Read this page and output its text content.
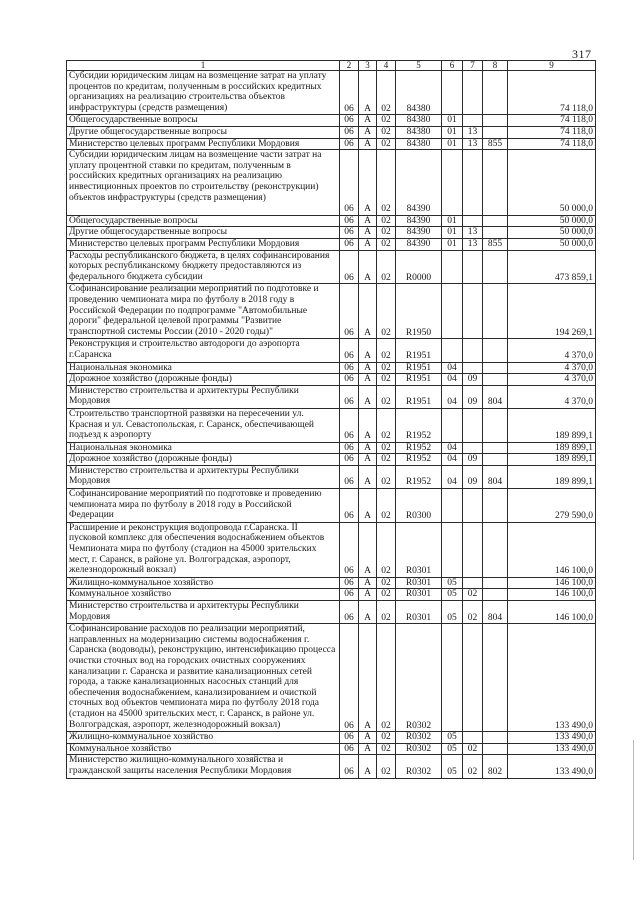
317
1	2	3	4	5	6	7	8	9
Субсидии юридическим лицам на возмещение затрат на уплату процентов по кредитам, полученным в российских кредитных организациях на реализацию строительства объектов инфраструктуры (средств размещения)	06	А	02	84380				74 118,0
Общегосударственные вопросы	06	А	02	84380	01			74 118,0
Другие общегосударственные вопросы	06	А	02	84380	01	13		74 118,0
Министерство целевых программ Республики Мордовия	06	А	02	84380	01	13	855	74 118,0
Субсидии юридическим лицам на возмещение части затрат на уплату процентной ставки по кредитам, полученным в российских кредитных организациях на реализацию инвестиционных проектов по строительству (реконструкции) объектов инфраструктуры (средств размещения)	06	А	02	84390				50 000,0
Общегосударственные вопросы	06	А	02	84390	01			50 000,0
Другие общегосударственные вопросы	06	А	02	84390	01	13		50 000,0
Министерство целевых программ Республики Мордовия	06	А	02	84390	01	13	855	50 000,0
Расходы республиканского бюджета, в целях софинансирования которых республиканскому бюджету предоставляются из федерального бюджета субсидии	06	А	02	R0000				473 859,1
Софинансирование реализации мероприятий по подготовке и проведению чемпионата мира по футболу в 2018 году в Российской Федерации по подпрограмме "Автомобильные дороги" федеральной целевой программы "Развитие транспортной системы России (2010 - 2020 годы)"	06	А	02	R1950				194 269,1
Реконструкция и строительство автодороги до аэропорта г.Саранска	06	А	02	R1951				4 370,0
Национальная экономика	06	А	02	R1951	04			4 370,0
Дорожное хозяйство (дорожные фонды)	06	А	02	R1951	04	09		4 370,0
Министерство строительства и архитектуры Республики Мордовия	06	А	02	R1951	04	09	804	4 370,0
Строительство транспортной развязки на пересечении ул. Красная и ул. Севастопольская, г. Саранск, обеспечивающей подъезд к аэропорту	06	А	02	R1952				189 899,1
Национальная экономика	06	А	02	R1952	04			189 899,1
Дорожное хозяйство (дорожные фонды)	06	А	02	R1952	04	09		189 899,1
Министерство строительства и архитектуры Республики Мордовия	06	А	02	R1952	04	09	804	189 899,1
Софинансирование мероприятий по подготовке и проведению чемпионата мира по футболу в 2018 году в Российской Федерации	06	А	02	R0300				279 590,0
Расширение и реконструкция водопровода г.Саранска. II пусковой комплекс для обеспечения водоснабжением объектов Чемпионата мира по футболу (стадион на 45000 зрительских мест, г. Саранск, в районе ул. Волгоградская, аэропорт, железнодорожный вокзал)	06	А	02	R0301				146 100,0
Жилищно-коммунальное хозяйство	06	А	02	R0301	05			146 100,0
Коммунальное хозяйство	06	А	02	R0301	05	02		146 100,0
Министерство строительства и архитектуры Республики Мордовия	06	А	02	R0301	05	02	804	146 100,0
Софинансирование расходов по реализации мероприятий, направленных на модернизацию системы водоснабжения г. Саранска (водоводы), реконструкцию, интенсификацию процесса очистки сточных вод на городских очистных сооружениях канализации г. Саранска и развитие канализационных сетей города, а также канализационных насосных станций для обеспечения водоснабжением, канализированием и очисткой сточных вод объектов чемпионата мира по футболу 2018 года (стадион на 45000 зрительских мест, г. Саранск, в районе ул. Волгоградская, аэропорт, железнодорожный вокзал)	06	А	02	R0302				133 490,0
Жилищно-коммунальное хозяйство	06	А	02	R0302	05			133 490,0
Коммунальное хозяйство	06	А	02	R0302	05	02		133 490,0
Министерство жилищно-коммунального хозяйства и гражданской защиты населения Республики Мордовия	06	А	02	R0302	05	02	802	133 490,0
